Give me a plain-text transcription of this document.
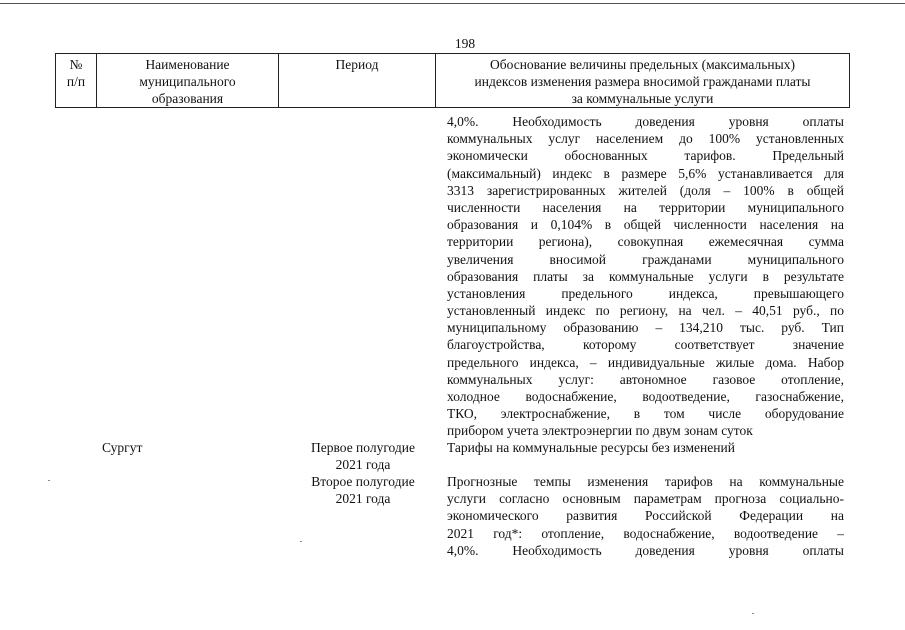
198
№
п/п
Наименование
муниципального
образования
Период	Обоснование величины предельных (максимальных)
индексов изменения размера вносимой гражданами платы
за коммунальные услуги
4,0%. Необходимость доведения уровня оплаты
коммунальных услуг населением до 100% установленных
экономически обоснованных тарифов. Предельный
(максимальный) индекс в размере 5,6% устанавливается для
3313 зарегистрированных жителей (доля – 100% в общей
численности населения на территории муниципального
образования и 0,104% в общей численности населения на
территории региона), совокупная ежемесячная сумма
увеличения вносимой гражданами муниципального
образования платы за коммунальные услуги в результате
установления предельного индекса, превышающего
установленный индекс по региону, на чел. – 40,51 руб., по
муниципальному образованию – 134,210 тыс. руб. Тип
благоустройства, которому соответствует значение
предельного индекса, – индивидуальные жилые дома. Набор
коммунальных услуг: автономное газовое отопление,
холодное водоснабжение, водоотведение, газоснабжение,
ТКО, электроснабжение, в том числе оборудование
прибором учета электроэнергии по двум зонам суток
Сургут	Первое полугодие
2021 года
Тарифы на коммунальные ресурсы без изменений
Второе полугодие
2021 года
Прогнозные темпы изменения тарифов на коммунальные
услуги согласно основным параметрам прогноза социально-
экономического развития Российской Федерации на
2021 год*: отопление, водоснабжение, водоотведение –
4,0%. Необходимость доведения уровня оплаты
